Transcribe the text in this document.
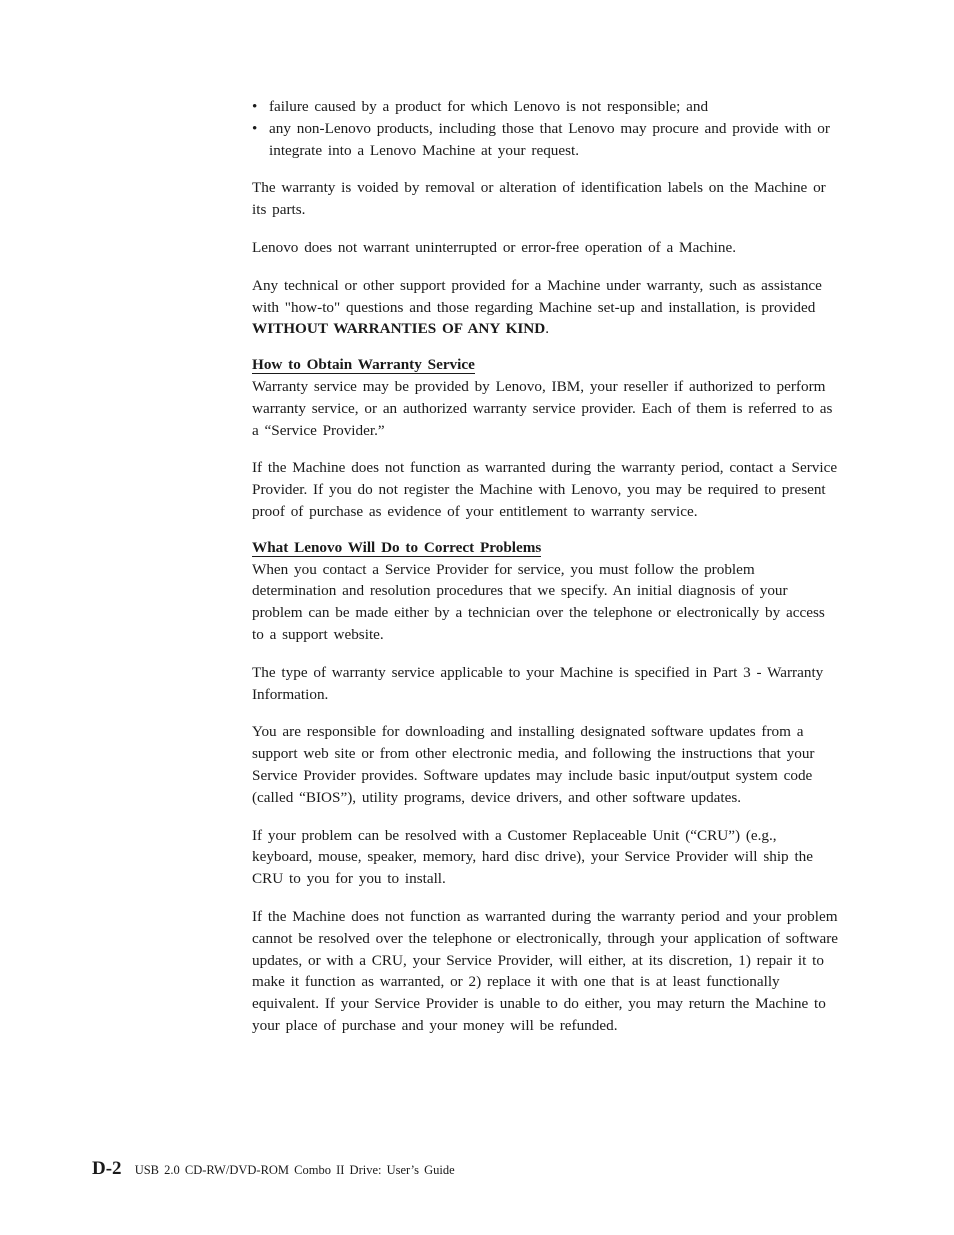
• failure caused by a product for which Lenovo is not responsible; and
• any non-Lenovo products, including those that Lenovo may procure and provide with or integrate into a Lenovo Machine at your request.

The warranty is voided by removal or alteration of identification labels on the Machine or its parts.

Lenovo does not warrant uninterrupted or error-free operation of a Machine.

Any technical or other support provided for a Machine under warranty, such as assistance with "how-to" questions and those regarding Machine set-up and installation, is provided WITHOUT WARRANTIES OF ANY KIND.

How to Obtain Warranty Service

Warranty service may be provided by Lenovo, IBM, your reseller if authorized to perform warranty service, or an authorized warranty service provider. Each of them is referred to as a “Service Provider.”

If the Machine does not function as warranted during the warranty period, contact a Service Provider. If you do not register the Machine with Lenovo, you may be required to present proof of purchase as evidence of your entitlement to warranty service.

What Lenovo Will Do to Correct Problems

When you contact a Service Provider for service, you must follow the problem determination and resolution procedures that we specify. An initial diagnosis of your problem can be made either by a technician over the telephone or electronically by access to a support website.

The type of warranty service applicable to your Machine is specified in Part 3 - Warranty Information.

You are responsible for downloading and installing designated software updates from a support web site or from other electronic media, and following the instructions that your Service Provider provides. Software updates may include basic input/output system code (called “BIOS”), utility programs, device drivers, and other software updates.

If your problem can be resolved with a Customer Replaceable Unit (“CRU”) (e.g., keyboard, mouse, speaker, memory, hard disc drive), your Service Provider will ship the CRU to you for you to install.

If the Machine does not function as warranted during the warranty period and your problem cannot be resolved over the telephone or electronically, through your application of software updates, or with a CRU, your Service Provider, will either, at its discretion, 1) repair it to make it function as warranted, or 2) replace it with one that is at least functionally equivalent. If your Service Provider is unable to do either, you may return the Machine to your place of purchase and your money will be refunded.

D-2 USB 2.0 CD-RW/DVD-ROM Combo II Drive: User’s Guide
